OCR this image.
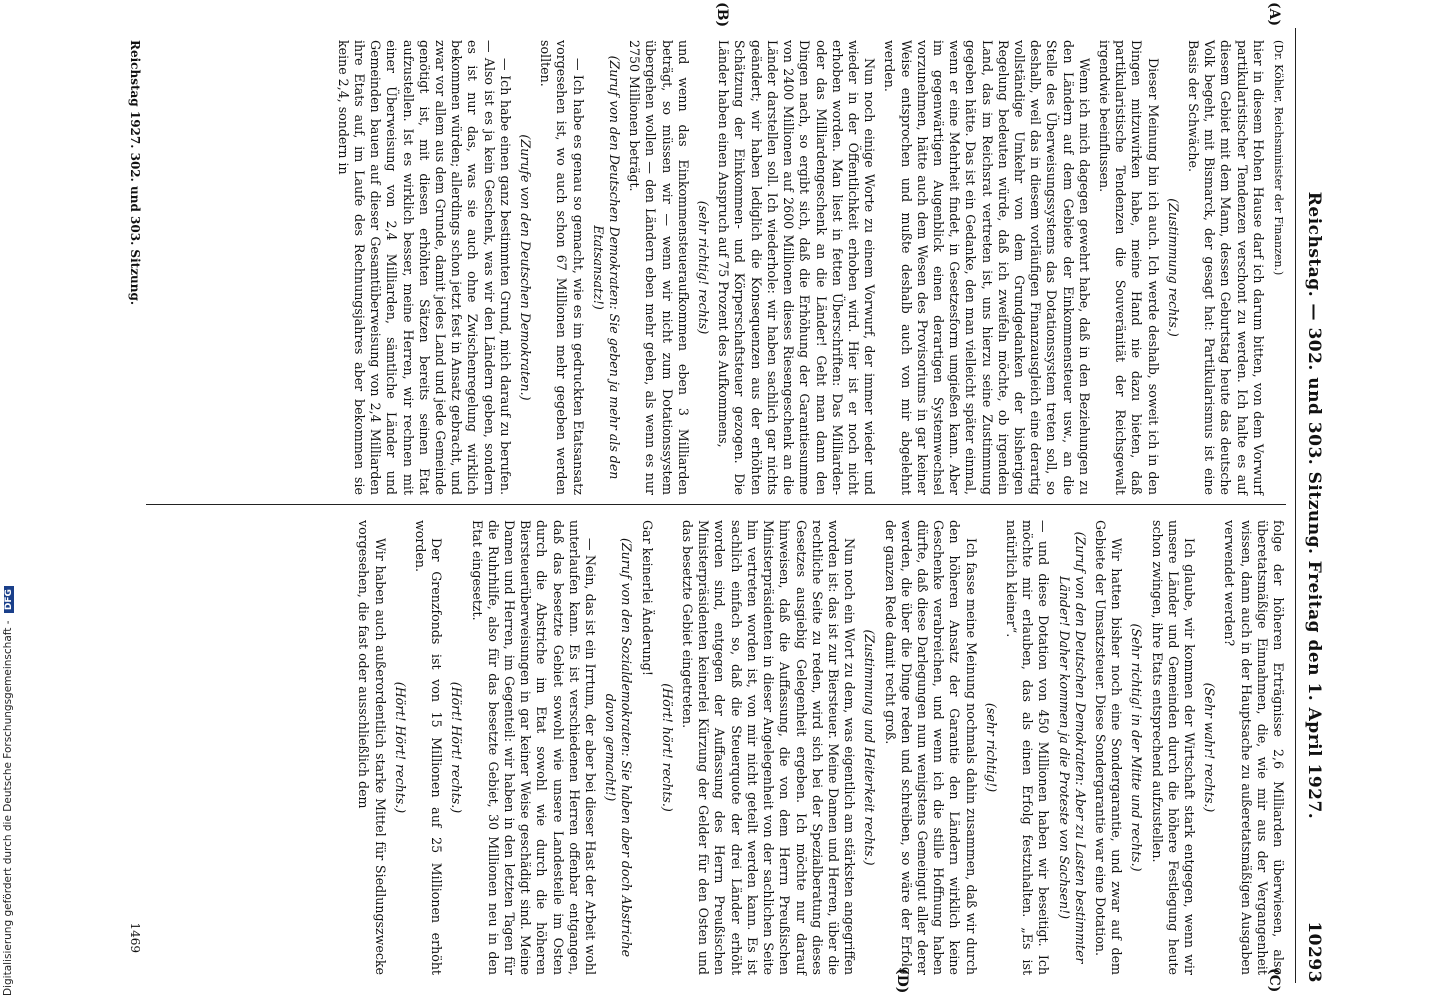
Reichstag. — 302. und 303. Sitzung. Freitag den 1. April 1927.
10293
(A)
(B)
(C)
(D)

(Dr. Köhler, Reichsminister der Finanzen.)

hier in diesem Hohen Hause darf ich darum bitten, von dem Vorwurf partikularistischer Tendenzen verschont zu werden. Ich halte es auf diesem Gebiet mit dem Mann, dessen Geburtstag heute das deutsche Volk begeht, mit Bismarck, der gesagt hat: Partikularismus ist eine Basis der Schwäche.

(Zustimmung rechts.)

Dieser Meinung bin ich auch. Ich werde deshalb, soweit ich in den Dingen mitzuwirken habe, meine Hand nie dazu bieten, daß partikularistische Tendenzen die Souveränität der Reichsgewalt irgendwie beeinflussen.

Wenn ich mich dagegen gewehrt habe, daß in den Beziehungen zu den Ländern auf dem Gebiete der Einkommensteuer usw., an die Stelle des Überweisungssystems das Dotationssystem treten soll, so deshalb, weil das in diesem vorläufigen Finanzausgleich eine derartig vollständige Umkehr von dem Grundgedanken der bisherigen Regelung bedeuten würde, daß ich zweifeln möchte, ob irgendein Land, das im Reichsrat vertreten ist, uns hierzu seine Zustimmung gegeben hätte. Das ist ein Gedanke, den man vielleicht später einmal, wenn er eine Mehrheit findet, in Gesetzesform umgießen kann. Aber im gegenwärtigen Augenblick einen derartigen Systemwechsel vorzunehmen, hätte auch dem Wesen des Provisoriums in gar keiner Weise entsprochen und mußte deshalb auch von mir abgelehnt werden.

Nun noch einige Worte zu einem Vorwurf, der immer wieder und wieder in der Öffentlichkeit erhoben wird. Hier ist er noch nicht erhoben worden. Man liest in fetten Überschriften: Das Milliarden- oder das Milliardengeschenk an die Länder! Geht man dann den Dingen nach, so ergibt sich, daß die Erhöhung der Garantiesumme von 2400 Millionen auf 2600 Millionen dieses Riesengeschenk an die Länder darstellen soll. Ich wiederhole: wir haben sachlich gar nichts geändert; wir haben lediglich die Konsequenzen aus der erhöhten Schätzung der Einkommen- und Körperschaftsteuer gezogen. Die Länder haben einen Anspruch auf 75 Prozent des Aufkommens,

(sehr richtig! rechts)

und wenn das Einkommensteueraufkommen eben 3 Milliarden beträgt, so müssen wir — wenn wir nicht zum Dotationssystem übergehen wollen — den Ländern eben mehr geben, als wenn es nur 2750 Millionen beträgt.

(Zuruf von den Deutschen Demokraten: Sie geben ja mehr als den Etatsansatz!)

— Ich habe es genau so gemacht, wie es im gedruckten Etatsansatz vorgesehen ist, wo auch schon 67 Millionen mehr gegeben werden sollten.

(Zurufe von den Deutschen Demokraten.)

— Ich habe einen ganz bestimmten Grund, mich darauf zu berufen. — Also ist es ja kein Geschenk, was wir den Ländern geben, sondern es ist nur das, was sie auch ohne Zwischenregelung wirklich bekommen würden; allerdings schon jetzt fest in Ansatz gebracht, und zwar vor allem aus dem Grunde, damit jedes Land und jede Gemeinde genötigt ist, mit diesen erhöhten Sätzen bereits seinen Etat aufzustellen. Ist es wirklich besser, meine Herren, wir rechnen mit einer Überweisung von 2,4 Milliarden, sämtliche Länder und Gemeinden bauen auf dieser Gesamtüberweisung von 2,4 Milliarden ihre Etats auf, im Laufe des Rechnungsjahres aber bekommen sie keine 2,4, sondern in

folge der höheren Erträgnisse 2,6 Milliarden überwiesen, also überetatsmäßige Einnahmen, die, wie mir aus der Vergangenheit wissen, dann auch in der Hauptsache zu außeretatsmäßigen Ausgaben verwendet werden?

(Sehr wahr! rechts.)

Ich glaube, wir kommen der Wirtschaft stark entgegen, wenn wir unsere Länder und Gemeinden durch die höhere Festlegung heute schon zwingen, ihre Etats entsprechend aufzustellen.

(Sehr richtig! in der Mitte und rechts.)

Wir hatten bisher noch eine Sondergarantie, und zwar auf dem Gebiete der Umsatzsteuer. Diese Sondergarantie war eine Dotation.

(Zuruf von den Deutschen Demokraten: Aber zu Lasten bestimmter Länder! Daher kommen ja die Proteste von Sachsen!)

— und diese Dotation von 450 Millionen haben wir beseitigt. Ich möchte mir erlauben, das als einen Erfolg festzuhalten. „Es ist natürlich kleiner“.

(sehr richtig!)

Ich fasse meine Meinung nochmals dahin zusammen, daß wir durch den höheren Ansatz der Garantie den Ländern wirklich keine Geschenke verabreichen, und wenn ich die stille Hoffnung haben dürfte, daß diese Darlegungen nun wenigstens Gemeingut aller derer werden, die über die Dinge reden und schreiben, so wäre der Erfolg der ganzen Rede damit recht groß.

(Zustimmung und Heiterkeit rechts.)

Nun noch ein Wort zu dem, was eigentlich am stärksten angegriffen worden ist: das ist zur Biersteuer. Meine Damen und Herren, über die rechtliche Seite zu reden, wird sich bei der Spezialberatung dieses Gesetzes ausgiebig Gelegenheit ergeben. Ich möchte nur darauf hinweisen, daß die Auffassung, die von dem Herrn Preußischen Ministerpräsidenten in dieser Angelegenheit von der sachlichen Seite hin vertreten worden ist, von mir nicht geteilt werden kann. Es ist sachlich einfach so, daß die Steuerquote der drei Länder erhöht worden sind, entgegen der Auffassung des Herrn Preußischen Ministerpräsidenten keinerlei Kürzung der Gelder für den Osten und das besetzte Gebiet eingetreten.

(Hört! hört! rechts.)

Gar keinerlei Änderung!

(Zuruf von den Sozialdemokraten: Sie haben aber doch Abstriche davon gemacht!)

— Nein, das ist ein Irrtum, der aber bei dieser Hast der Arbeit wohl unterlaufen kann. Es ist verschiedenen Herren offenbar entgangen, daß das besetzte Gebiet sowohl wie unsere Landesteile im Osten durch die Abstriche im Etat sowohl wie durch die höheren Biersteuerüberweisungen in gar keiner Weise geschädigt sind. Meine Damen und Herren, im Gegenteil: wir haben in den letzten Tagen für die Ruhrhilfe, also für das besetzte Gebiet, 30 Millionen neu in den Etat eingesetzt.

(Hört! Hört! rechts.)

Der Grenzfonds ist von 15 Millionen auf 25 Millionen erhöht worden.

(Hört! Hört! rechts.)

Wir haben auch außerordentlich starke Mittel für Siedlungszwecke vorgesehen, die fast oder ausschließlich dem

Reichstag 1927. 302. und 303. Sitzung.
1469
Digitalisierung gefördert durch die Deutsche Forschungsgemeinschaft - DFG
